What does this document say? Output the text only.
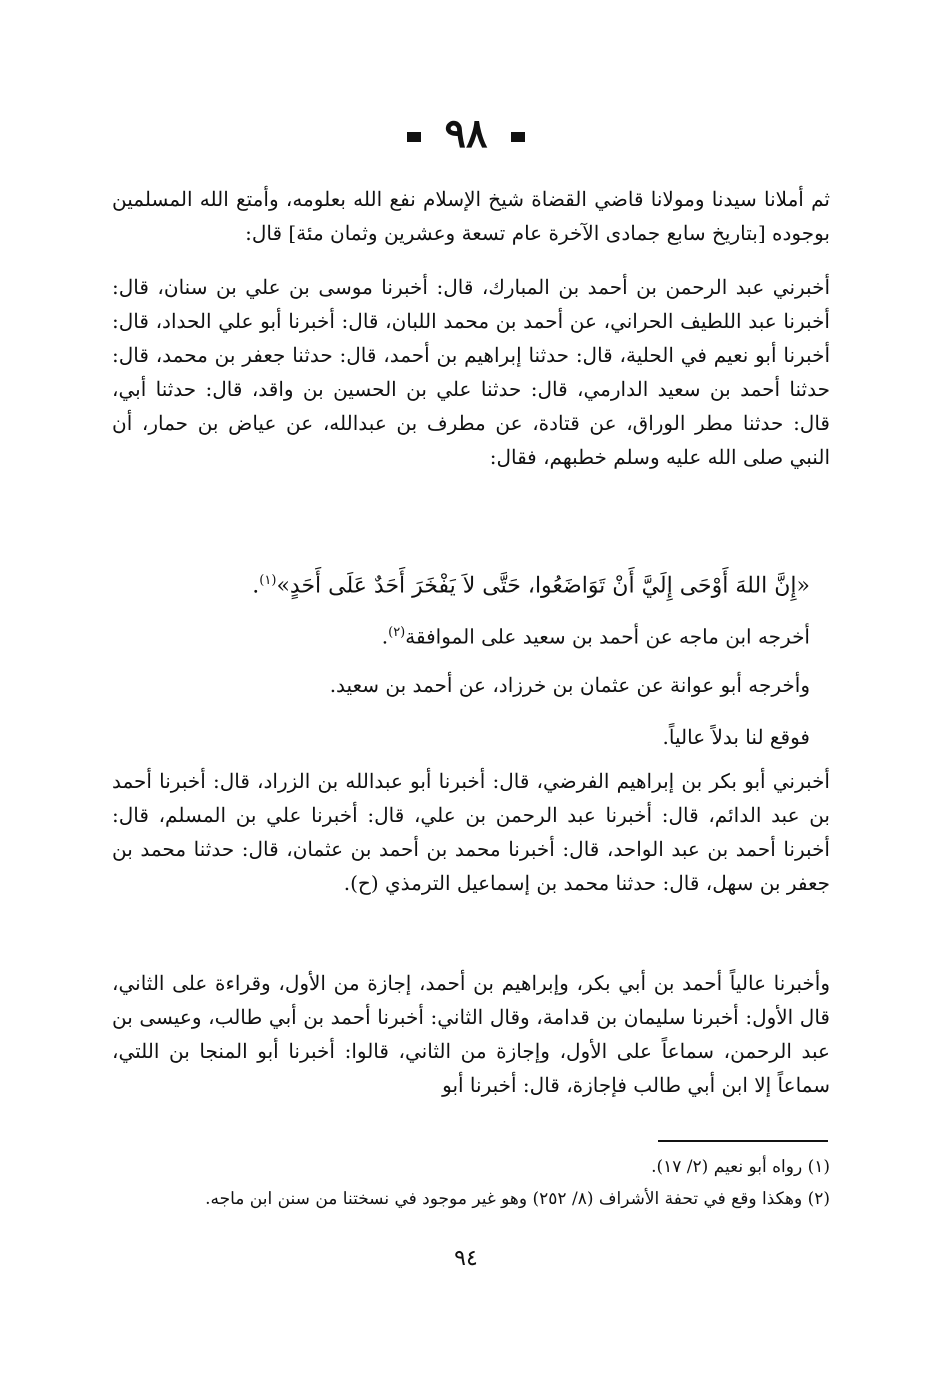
٩٨
ثم أملانا سيدنا ومولانا قاضي القضاة شيخ الإسلام نفع الله بعلومه، وأمتع الله المسلمين بوجوده [بتاريخ سابع جمادى الآخرة عام تسعة وعشرين وثمان مئة] قال:
أخبرني عبد الرحمن بن أحمد بن المبارك، قال: أخبرنا موسى بن علي بن سنان، قال: أخبرنا عبد اللطيف الحراني، عن أحمد بن محمد اللبان، قال: أخبرنا أبو علي الحداد، قال: أخبرنا أبو نعيم في الحلية، قال: حدثنا إبراهيم بن أحمد، قال: حدثنا جعفر بن محمد، قال: حدثنا أحمد بن سعيد الدارمي، قال: حدثنا علي بن الحسين بن واقد، قال: حدثنا أبي، قال: حدثنا مطر الوراق، عن قتادة، عن مطرف بن عبدالله، عن عياض بن حمار، أن النبي صلى الله عليه وسلم خطبهم، فقال:
«إِنَّ اللهَ أَوْحَى إِلَيَّ أَنْ تَوَاضَعُوا، حَتَّى لاَ يَفْخَرَ أَحَدٌ عَلَى أَحَدٍ»$^{(١)}$.
أخرجه ابن ماجه عن أحمد بن سعيد على الموافقة$^{(٢)}$.
وأخرجه أبو عوانة عن عثمان بن خرزاد، عن أحمد بن سعيد.
فوقع لنا بدلاً عالياً.
أخبرني أبو بكر بن إبراهيم الفرضي، قال: أخبرنا أبو عبدالله بن الزراد، قال: أخبرنا أحمد بن عبد الدائم، قال: أخبرنا عبد الرحمن بن علي، قال: أخبرنا علي بن المسلم، قال: أخبرنا أحمد بن عبد الواحد، قال: أخبرنا محمد بن أحمد بن عثمان، قال: حدثنا محمد بن جعفر بن سهل، قال: حدثنا محمد بن إسماعيل الترمذي (ح).
وأخبرنا عالياً أحمد بن أبي بكر، وإبراهيم بن أحمد، إجازة من الأول، وقراءة على الثاني، قال الأول: أخبرنا سليمان بن قدامة، وقال الثاني: أخبرنا أحمد بن أبي طالب، وعيسى بن عبد الرحمن، سماعاً على الأول، وإجازة من الثاني، قالوا: أخبرنا أبو المنجا بن اللتي، سماعاً إلا ابن أبي طالب فإجازة، قال: أخبرنا أبو
(١) رواه أبو نعيم (٢/ ١٧).
(٢) وهكذا وقع في تحفة الأشراف (٨/ ٢٥٢) وهو غير موجود في نسختنا من سنن ابن ماجه.
٩٤
